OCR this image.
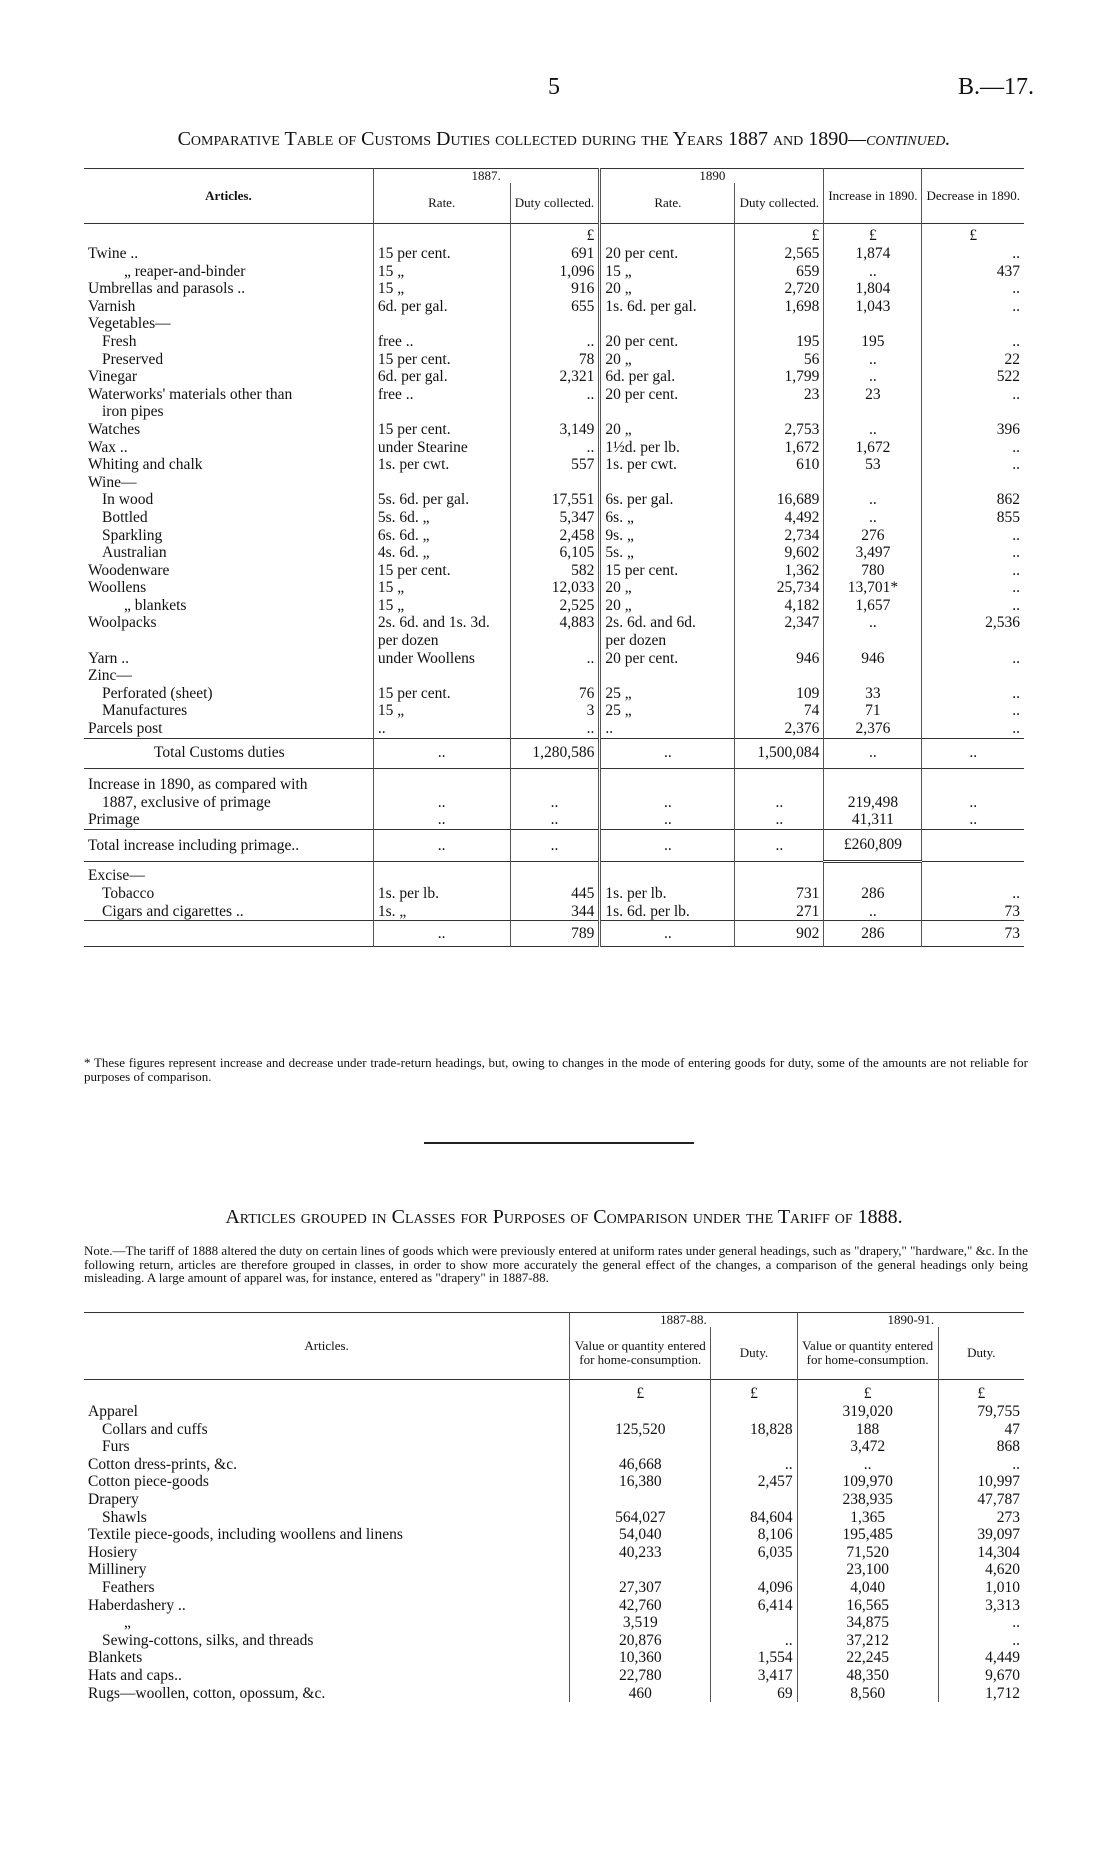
5	B.—17.
Comparative Table of Customs Duties collected during the Years 1887 and 1890—continued.
Articles.	1887.		1890		Increase in 1890.	Decrease in 1890.
	Rate.	Duty collected.	Rate.	Duty collected.		
		£		£	£	£
Twine ..	15 per cent.	691	20 per cent.	2,565	1,874	..
„ reaper-and-binder	15 „	1,096	15 „	659	..	437
Umbrellas and parasols ..	15 „	916	20 „	2,720	1,804	..
Varnish	6d. per gal.	655	1s. 6d. per gal.	1,698	1,043	..
Vegetables—						
Fresh	free ..	..	20 per cent.	195	195	..
Preserved	15 per cent.	78	20 „	56	..	22
Vinegar	6d. per gal.	2,321	6d. per gal.	1,799	..	522
Waterworks' materials other than	free ..	..	20 per cent.	23	23	..
iron pipes						
Watches	15 per cent.	3,149	20 „	2,753	..	396
Wax ..	under Stearine	..	1½d. per lb.	1,672	1,672	..
Whiting and chalk	1s. per cwt.	557	1s. per cwt.	610	53	..
Wine—						
In wood	5s. 6d. per gal.	17,551	6s. per gal.	16,689	..	862
Bottled	5s. 6d. „	5,347	6s. „	4,492	..	855
Sparkling	6s. 6d. „	2,458	9s. „	2,734	276	..
Australian	4s. 6d. „	6,105	5s. „	9,602	3,497	..
Woodenware	15 per cent.	582	15 per cent.	1,362	780	..
Woollens	15 „	12,033	20 „	25,734	13,701*	..
„ blankets	15 „	2,525	20 „	4,182	1,657	..
Woolpacks	2s. 6d. and 1s. 3d.	4,883	2s. 6d. and 6d.	2,347	..	2,536
	per dozen		per dozen			
Yarn ..	under Woollens	..	20 per cent.	946	946	..
Zinc—						
Perforated (sheet)	15 per cent.	76	25 „	109	33	..
Manufactures	15 „	3	25 „	74	71	..
Parcels post	..	..	..	2,376	2,376	..
Total Customs duties	..	1,280,586	..	1,500,084	..	..

Increase in 1890, as compared with
1887, exclusive of primage	..	..	..	..	219,498	..
Primage	..	..	..	..	41,311	..
Total increase including primage..	..	..	..	..	£260,809	

Excise—						
Tobacco	1s. per lb.	445	1s. per lb.	731	286	..
Cigars and cigarettes ..	1s. „	344	1s. 6d. per lb.	271	..	73
	..	789	..	902	286	73
* These figures represent increase and decrease under trade-return headings, but, owing to changes in the mode of entering goods for duty, some of the amounts are not reliable for purposes of comparison.
Articles grouped in Classes for Purposes of Comparison under the Tariff of 1888.
Note.—The tariff of 1888 altered the duty on certain lines of goods which were previously entered at uniform rates under general headings, such as "drapery," "hardware," &c. In the following return, articles are therefore grouped in classes, in order to show more accurately the general effect of the changes, a comparison of the general headings only being misleading. A large amount of apparel was, for instance, entered as "drapery" in 1887-88.
Articles.	1887-88.		1890-91.	
	Value or quantity entered for home-consumption.	Duty.	Value or quantity entered for home-consumption.	Duty.
	£	£	£	£
Apparel			319,020	79,755
Collars and cuffs	125,520	18,828	188	47
Furs			3,472	868
Cotton dress-prints, &c.	46,668	..	..	..
Cotton piece-goods	16,380	2,457	109,970	10,997
Drapery			238,935	47,787
Shawls	564,027	84,604	1,365	273
Textile piece-goods, including woollens and linens	54,040	8,106	195,485	39,097
Hosiery	40,233	6,035	71,520	14,304
Millinery			23,100	4,620
Feathers	27,307	4,096	4,040	1,010
Haberdashery ..	42,760	6,414	16,565	3,313
„	3,519		34,875	..
Sewing-cottons, silks, and threads	20,876	..	37,212	..
Blankets	10,360	1,554	22,245	4,449
Hats and caps..	22,780	3,417	48,350	9,670
Rugs—woollen, cotton, opossum, &c.	460	69	8,560	1,712
